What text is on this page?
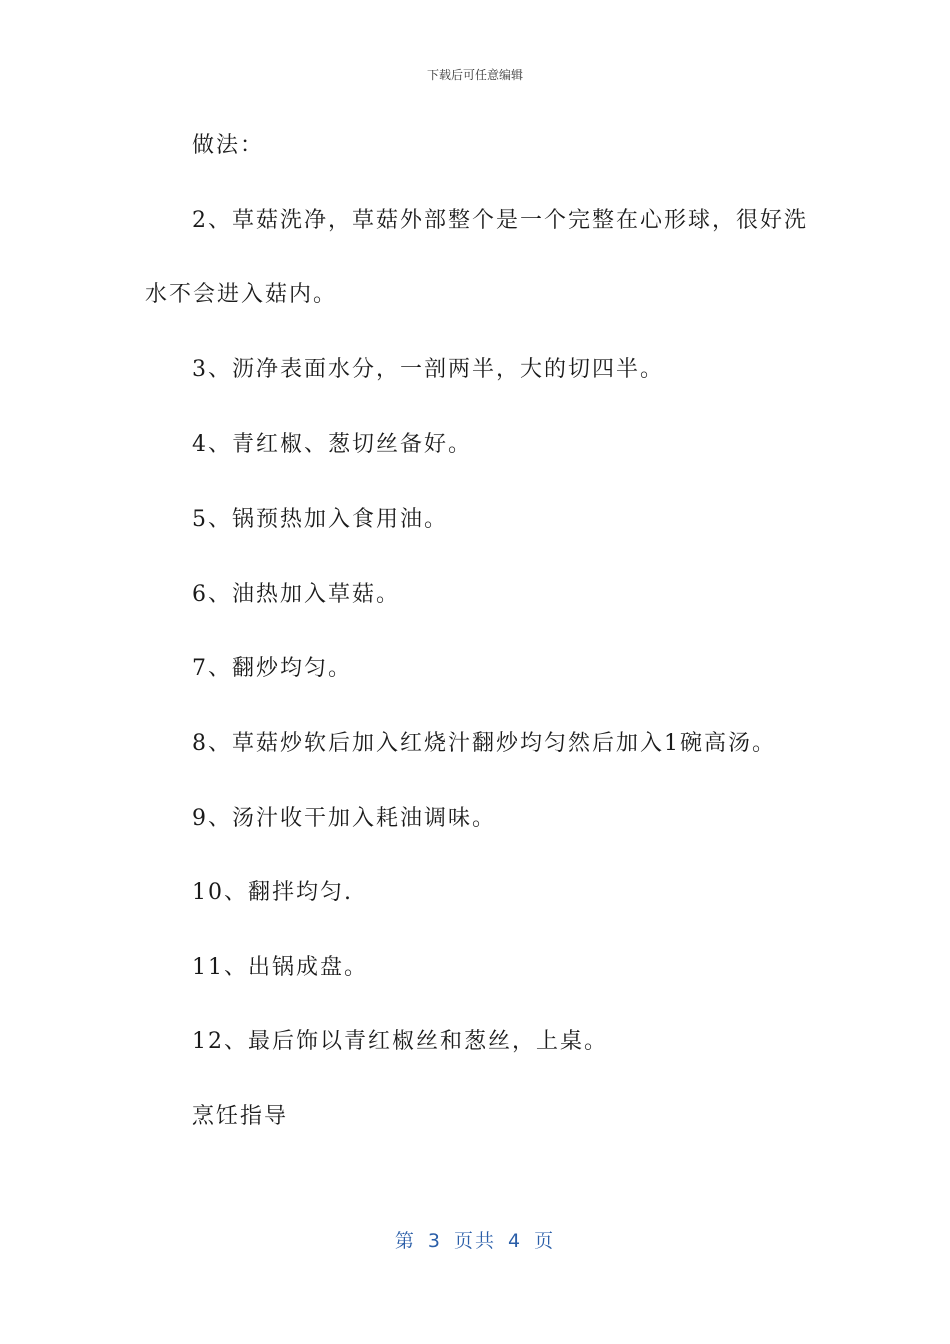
下载后可任意编辑
做法：
2、草菇洗净，草菇外部整个是一个完整在心形球，很好洗
水不会进入菇内。
3、沥净表面水分，一剖两半，大的切四半。
4、青红椒、葱切丝备好。
5、锅预热加入食用油。
6、油热加入草菇。
7、翻炒均匀。
8、草菇炒软后加入红烧汁翻炒均匀然后加入1碗高汤。
9、汤汁收干加入耗油调味。
10、翻拌均匀.
11、出锅成盘。
12、最后饰以青红椒丝和葱丝，上桌。
烹饪指导
第 3 页共 4 页
